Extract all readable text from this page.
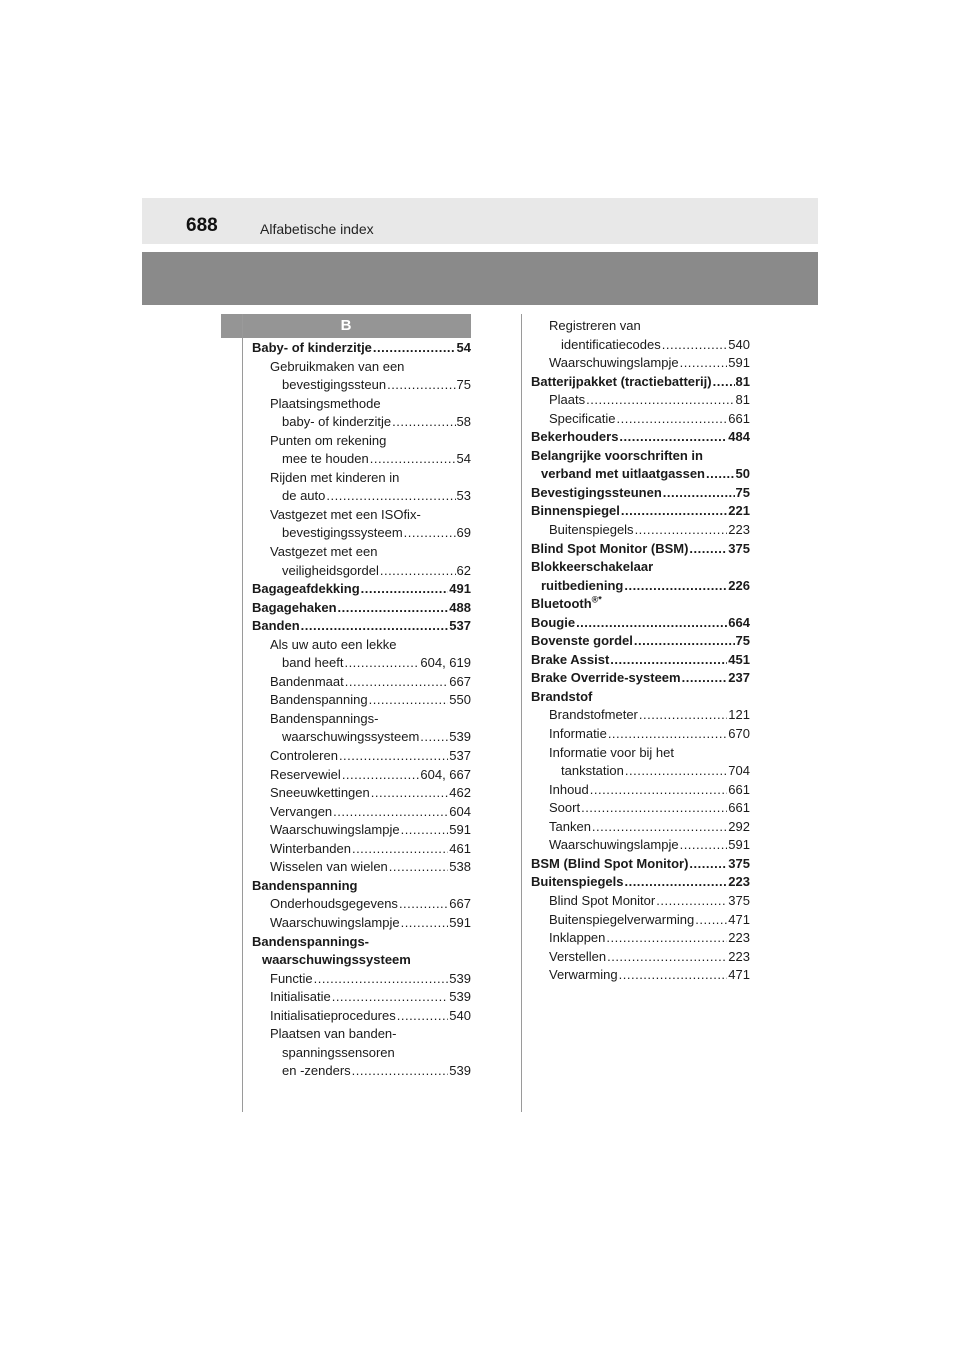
688	Alfabetische index
B
Baby- of kinderzitje .....	54
Gebruikmaken van een
bevestigingssteun .....	75
Plaatsingsmethode
baby- of kinderzitje .....	58
Punten om rekening
mee te houden .....	54
Rijden met kinderen in
de auto .....	53
Vastgezet met een ISOfix-
bevestigingssysteem .....	69
Vastgezet met een
veiligheidsgordel .....	62
Bagageafdekking .....	491
Bagagehaken .....	488
Banden .....	537
Als uw auto een lekke
band heeft .....	604, 619
Bandenmaat .....	667
Bandenspanning .....	550
Bandenspannings-
waarschuwingssysteem ..... 539
Controleren .....	537
Reservewiel .....	604, 667
Sneeuwkettingen .....	462
Vervangen .....	604
Waarschuwingslampje .....	591
Winterbanden .....	461
Wisselen van wielen .....	538
Bandenspanning
Onderhoudsgegevens .....	667
Waarschuwingslampje .....	591
Bandenspannings-
waarschuwingssysteem
Functie .....	539
Initialisatie .....	539
Initialisatieprocedures .....	540
Plaatsen van banden-
spanningssensoren
en -zenders .....	539
Registreren van
identificatiecodes .....	540
Waarschuwingslampje .....	591
Batterijpakket (tractiebatterij) ..... 81
Plaats .....	81
Specificatie .....	661
Bekerhouders .....	484
Belangrijke voorschriften in
verband met uitlaatgassen ..... 50
Bevestigingssteunen .....	75
Binnenspiegel .....	221
Buitenspiegels .....	223
Blind Spot Monitor (BSM) .....	375
Blokkeerschakelaar
ruitbediening .....	226
Bluetooth®*
Bougie .....	664
Bovenste gordel .....	75
Brake Assist .....	451
Brake Override-systeem .....	237
Brandstof
Brandstofmeter .....	121
Informatie .....	670
Informatie voor bij het
tankstation .....	704
Inhoud .....	661
Soort .....	661
Tanken .....	292
Waarschuwingslampje .....	591
BSM (Blind Spot Monitor) .....	375
Buitenspiegels .....	223
Blind Spot Monitor .....	375
Buitenspiegelverwarming .....	471
Inklappen .....	223
Verstellen .....	223
Verwarming .....	471
